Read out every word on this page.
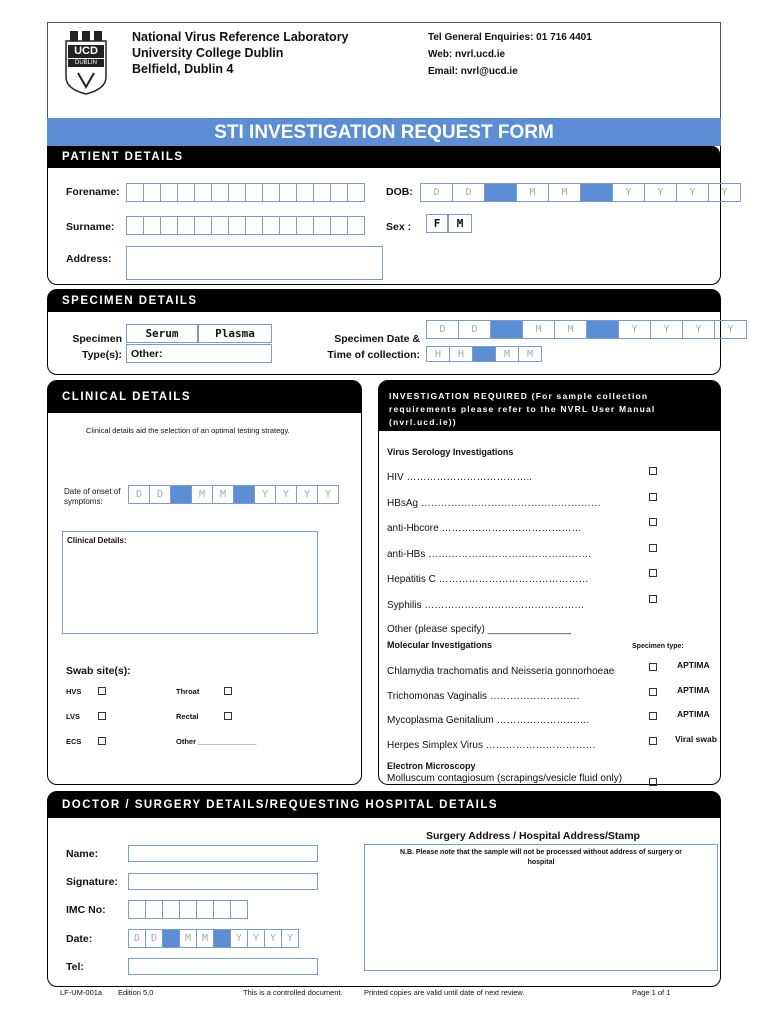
UCD
DUBLIN
National Virus Reference Laboratory
University College Dublin
Belfield, Dublin 4
Tel General Enquiries: 01 716 4401
Web: nvrl.ucd.ie
Email: nvrl@ucd.ie
STI INVESTIGATION REQUEST FORM
PATIENT DETAILS
Forename:
Surname:
Address:
DOB:	D	D	M	M	Y	Y	Y	Y
Sex :	F	M
SPECIMEN DETAILS
Specimen
Type(s):
Serum	Plasma
Other:
Specimen Date &
Time of collection:
D	D	M	M	Y	Y	Y	Y
H	H	M	M
CLINICAL DETAILS
Clinical details aid the selection of an optimal testing strategy.
Date of onset of
symptoms:
D	D	M	M	Y	Y	Y	Y
Clinical Details:
Swab site(s):
HVS	Throat
LVS	Rectal
ECS	Other ______________
INVESTIGATION REQUIRED (For sample collection
requirements please refer to the NVRL User Manual
(nvrl.ucd.ie))
Virus Serology Investigations
HIV ………………………………..
HBsAg ………………………………………………
anti-Hbcore ……………………………………
anti-HBs ………………………………………….
Hepatitis C ………………………………………
Syphilis …………………………………………
Other (please specify) _______________
Molecular Investigations	Specimen type:
Chlamydia trachomatis and Neisseria gonnorhoeae
APTIMA
Trichomonas Vaginalis ………………………
APTIMA
Mycoplasma Genitalium ……………………….
APTIMA
Herpes Simplex Virus ……………………………
Viral swab
Electron Microscopy
Molluscum contagiosum (scrapings/vesicle fluid only)
DOCTOR / SURGERY DETAILS/REQUESTING HOSPITAL DETAILS
Name:
Signature:
IMC No:
Date:	D	D	M	M	Y	Y	Y	Y
Tel:
Surgery Address / Hospital Address/Stamp
N.B. Please note that the sample will not be processed without address of surgery or hospital
LF-UM-001a Edition 5.0	This is a controlled document.	Printed copies are valid until date of next review.	Page 1 of 1
